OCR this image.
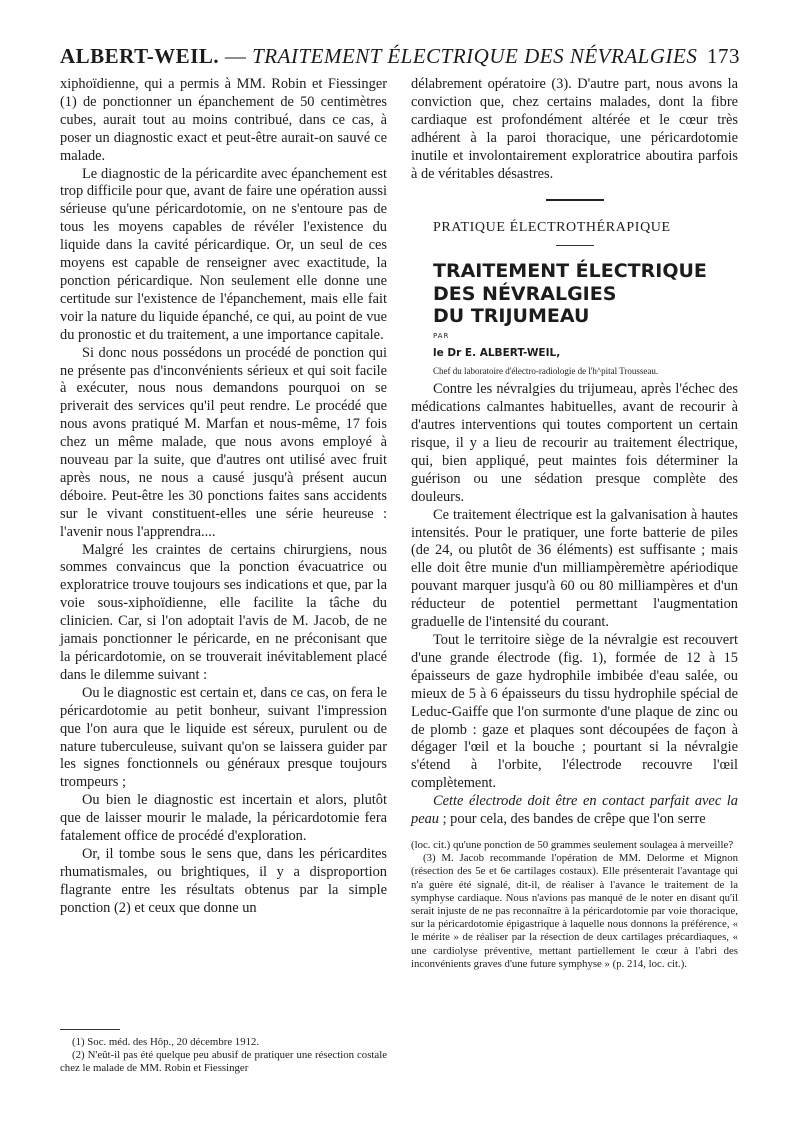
ALBERT-WEIL. — TRAITEMENT ÉLECTRIQUE DES NÉVRALGIES 173

xiphoïdienne, qui a permis à MM. Robin et Fiessinger (1) de ponctionner un épanchement de 50 centimètres cubes, aurait tout au moins contribué, dans ce cas, à poser un diagnostic exact et peut-être aurait-on sauvé ce malade.

Le diagnostic de la péricardite avec épanchement est trop difficile pour que, avant de faire une opération aussi sérieuse qu'une péricardotomie, on ne s'entoure pas de tous les moyens capables de révéler l'existence du liquide dans la cavité péricardique. Or, un seul de ces moyens est capable de renseigner avec exactitude, la ponction péricardique. Non seulement elle donne une certitude sur l'existence de l'épanchement, mais elle fait voir la nature du liquide épanché, ce qui, au point de vue du pronostic et du traitement, a une importance capitale.

Si donc nous possédons un procédé de ponction qui ne présente pas d'inconvénients sérieux et qui soit facile à exécuter, nous nous demandons pourquoi on se priverait des services qu'il peut rendre. Le procédé que nous avons pratiqué M. Marfan et nous-même, 17 fois chez un même malade, que nous avons employé à nouveau par la suite, que d'autres ont utilisé avec fruit après nous, ne nous a causé jusqu'à présent aucun déboire. Peut-être les 30 ponctions faites sans accidents sur le vivant constituent-elles une série heureuse : l'avenir nous l'apprendra....

Malgré les craintes de certains chirurgiens, nous sommes convaincus que la ponction évacuatrice ou exploratrice trouve toujours ses indications et que, par la voie sous-xiphoïdienne, elle facilite la tâche du clinicien. Car, si l'on adoptait l'avis de M. Jacob, de ne jamais ponctionner le péricarde, en ne préconisant que la péricardotomie, on se trouverait inévitablement placé dans le dilemme suivant :

Ou le diagnostic est certain et, dans ce cas, on fera le péricardotomie au petit bonheur, suivant l'impression que l'on aura que le liquide est séreux, purulent ou de nature tuberculeuse, suivant qu'on se laissera guider par les signes fonctionnels ou généraux presque toujours trompeurs ;

Ou bien le diagnostic est incertain et alors, plutôt que de laisser mourir le malade, la péricardotomie fera fatalement office de procédé d'exploration.

Or, il tombe sous le sens que, dans les péricardites rhumatismales, ou brightiques, il y a disproportion flagrante entre les résultats obtenus par la simple ponction (2) et ceux que donne un

(1) Soc. méd. des Hôp., 20 décembre 1912.

(2) N'eût-il pas été quelque peu abusif de pratiquer une résection costale chez le malade de MM. Robin et Fiessinger

délabrement opératoire (3). D'autre part, nous avons la conviction que, chez certains malades, dont la fibre cardiaque est profondément altérée et le cœur très adhérent à la paroi thoracique, une péricardotomie inutile et involontairement exploratrice aboutira parfois à de véritables désastres.

PRATIQUE ÉLECTROTHÉRAPIQUE

TRAITEMENT ÉLECTRIQUE

DES NÉVRALGIES

DU TRIJUMEAU

PAR

le Dr E. ALBERT-WEIL,

Chef du laboratoire d'électro-radiologie de l'h^pital Trousseau.

Contre les névralgies du trijumeau, après l'échec des médications calmantes habituelles, avant de recourir à d'autres interventions qui toutes comportent un certain risque, il y a lieu de recourir au traitement électrique, qui, bien appliqué, peut maintes fois déterminer la guérison ou une sédation presque complète des douleurs.

Ce traitement électrique est la galvanisation à hautes intensités. Pour le pratiquer, une forte batterie de piles (de 24, ou plutôt de 36 éléments) est suffisante ; mais elle doit être munie d'un milliampèremètre apériodique pouvant marquer jusqu'à 60 ou 80 milliampères et d'un réducteur de potentiel permettant l'augmentation graduelle de l'intensité du courant.

Tout le territoire siège de la névralgie est recouvert d'une grande électrode (fig. 1), formée de 12 à 15 épaisseurs de gaze hydrophile imbibée d'eau salée, ou mieux de 5 à 6 épaisseurs du tissu hydrophile spécial de Leduc-Gaiffe que l'on surmonte d'une plaque de zinc ou de plomb : gaze et plaques sont découpées de façon à dégager l'œil et la bouche ; pourtant si la névralgie s'étend à l'orbite, l'électrode recouvre l'œil complètement.

Cette électrode doit être en contact parfait avec la peau ; pour cela, des bandes de crêpe que l'on serre

(loc. cit.) qu'une ponction de 50 grammes seulement soulagea à merveille?

(3) M. Jacob recommande l'opération de MM. Delorme et Mignon (résection des 5e et 6e cartilages costaux). Elle présenterait l'avantage qui n'a guère été signalé, dit-il, de réaliser à l'avance le traitement de la symphyse cardiaque. Nous n'avions pas manqué de le noter en disant qu'il serait injuste de ne pas reconnaître à la péricardotomie par voie thoracique, sur la péricardotomie épigastrique à laquelle nous donnons la préférence, « le mérite » de réaliser par la résection de deux cartilages précardiaques, « une cardiolyse préventive, mettant partiellement le cœur à l'abri des inconvénients graves d'une future symphyse » (p. 214, loc. cit.).
